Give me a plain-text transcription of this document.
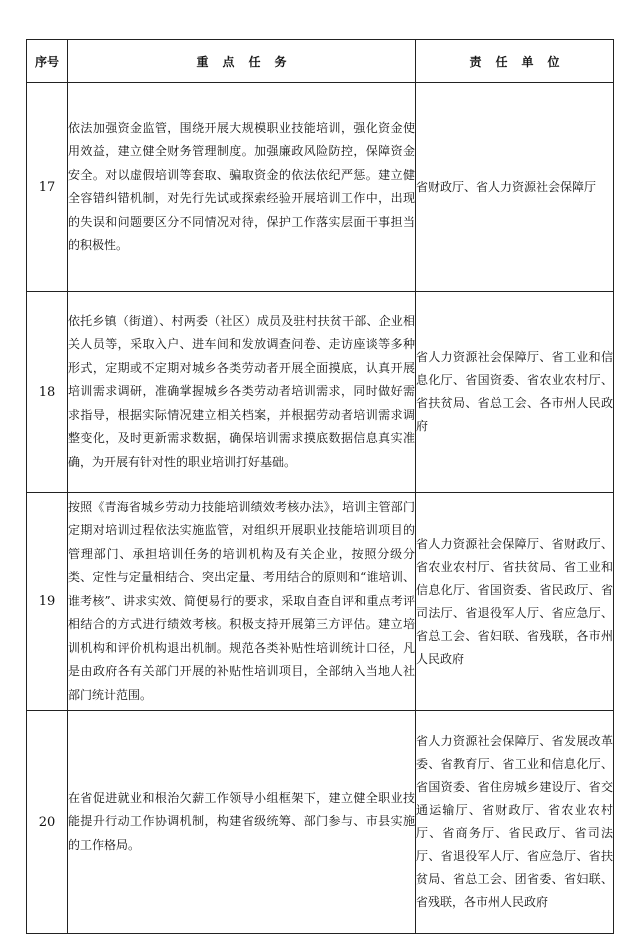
序号	重点任务	责任单位
17	依法加强资金监管，围绕开展大规模职业技能培训，强化资金使用效益，建立健全财务管理制度。加强廉政风险防控，保障资金安全。对以虚假培训等套取、骗取资金的依法依纪严惩。建立健全容错纠错机制，对先行先试或探索经验开展培训工作中，出现的失误和问题要区分不同情况对待，保护工作落实层面干事担当的积极性。	省财政厅、省人力资源社会保障厅
18	依托乡镇（街道）、村两委（社区）成员及驻村扶贫干部、企业相关人员等，采取入户、进车间和发放调查问卷、走访座谈等多种形式，定期或不定期对城乡各类劳动者开展全面摸底，认真开展培训需求调研，准确掌握城乡各类劳动者培训需求，同时做好需求指导，根据实际情况建立相关档案，并根据劳动者培训需求调整变化，及时更新需求数据，确保培训需求摸底数据信息真实准确，为开展有针对性的职业培训打好基础。	省人力资源社会保障厅、省工业和信息化厅、省国资委、省农业农村厅、省扶贫局、省总工会、各市州人民政府
19	按照《青海省城乡劳动力技能培训绩效考核办法》，培训主管部门定期对培训过程依法实施监管，对组织开展职业技能培训项目的管理部门、承担培训任务的培训机构及有关企业，按照分级分类、定性与定量相结合、突出定量、考用结合的原则和“谁培训、谁考核”、讲求实效、简便易行的要求，采取自查自评和重点考评相结合的方式进行绩效考核。积极支持开展第三方评估。建立培训机构和评价机构退出机制。规范各类补贴性培训统计口径，凡是由政府各有关部门开展的补贴性培训项目，全部纳入当地人社部门统计范围。	省人力资源社会保障厅、省财政厅、省农业农村厅、省扶贫局、省工业和信息化厅、省国资委、省民政厅、省司法厅、省退役军人厅、省应急厅、省总工会、省妇联、省残联，各市州人民政府
20	在省促进就业和根治欠薪工作领导小组框架下，建立健全职业技能提升行动工作协调机制，构建省级统筹、部门参与、市县实施的工作格局。	省人力资源社会保障厅、省发展改革委、省教育厅、省工业和信息化厅、省国资委、省住房城乡建设厅、省交通运输厅、省财政厅、省农业农村厅、省商务厅、省民政厅、省司法厅、省退役军人厅、省应急厅、省扶贫局、省总工会、团省委、省妇联、省残联，各市州人民政府
